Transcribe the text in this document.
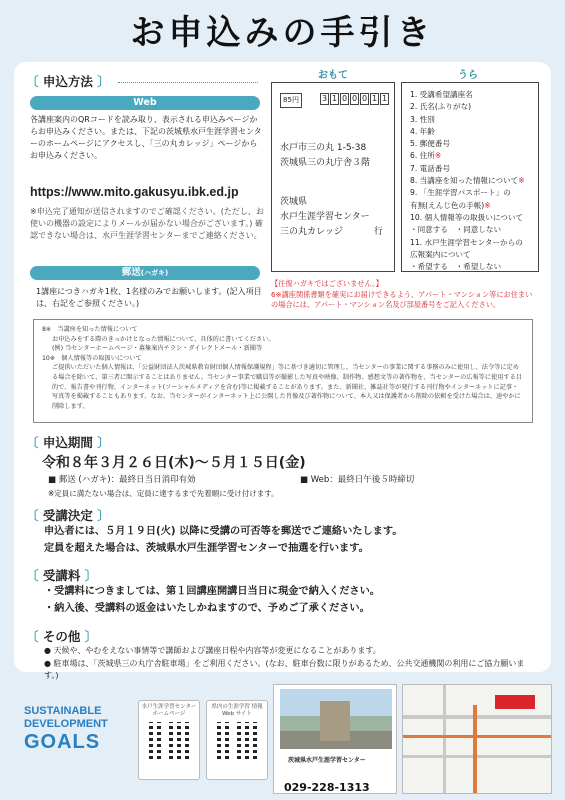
お申込みの手引き
〔 申込方法 〕
Web
各講座案内のQRコードを読み取り、表示される申込みページからお申込みください。または、下記の茨城県水戸生涯学習センターのホームページにアクセスし、「三の丸カレッジ」ページからお申込みください。
https://www.mito.gakusyu.ibk.ed.jp
※申込完了通知が送信されますのでご確認ください。(ただし、お使いの機器の設定によりメールが届かない場合がございます。) 確認できない場合は、水戸生涯学習センターまでご連絡ください。
郵送(ハガキ)
1講座につきハガキ1枚、1名様のみでお願いします。(記入項目は、右記をご参照ください。)
おもて	うら
85円	3 1 0 0 0 1 1
水戸市三の丸 1-5-38
茨城県三の丸庁舎３階
茨城県
水戸生涯学習センター
三の丸カレッジ	行
1. 受講希望講座名
2. 氏名(ふりがな)
3. 性別
4. 年齢
5. 郵便番号
6. 住所※
7. 電話番号
8. 当講座を知った情報について※
9. 「生涯学習パスポート」の
有無(えんじ色の手帳)※
10. 個人情報等の取扱いについて
・同意する　・同意しない
11. 水戸生涯学習センターからの
広報案内について
・希望する　・希望しない
【往復ハガキではございません。】
6※講座関係書類を確実にお届けできるよう、アパート・マンション等にお住まいの場合には、アパート・マンション名及び部屋番号をご記入ください。
8※　当講座を知った情報について
お申込みをする際のきっかけとなった情報について、具体的に書いてください。
(例) 当センターホームページ・募集案内チラシ・ダイレクトメール・新聞等
10※　個人情報等の取扱いについて
ご提供いただいた個人情報は、「公益財団法人茨城県教育財団個人情報保護規程」等に基づき適切に管理し、当センターの事業に関する事務のみに使用し、法令等に定める場合を除いて、第三者に開示することはありません。当センター事業で職員等が撮影した写真や映像、制作物、感想文等の著作物を、当センターの広報等に使用する目的で、報告書や刊行物、インターネット(ソーシャルメディアを含む)等に掲載することがあります。また、新聞社、雑誌社等が発行する刊行物やインターネットに記事・写真等を掲載することもあります。なお、当センターがインターネット上に公開した肖像及び著作物について、本人又は保護者から削除の依頼を受けた場合は、速やかに削除します。
〔 申込期間 〕
令和８年３月２６日(木)～５月１５日(金)
■ 郵送 (ハガキ)：最終日当日消印有効	■ Web：最終日午後５時締切
※定員に満たない場合は、定員に達するまで先着順に受け付けます。
〔 受講決定 〕
申込者には、５月１９日(火) 以降に受講の可否等を郵送でご連絡いたします。
定員を超えた場合は、茨城県水戸生涯学習センターで抽選を行います。
〔 受講料 〕
・受講料につきましては、第１回講座開講日当日に現金で納入ください。
・納入後、受講料の返金はいたしかねますので、予めご了承ください。
〔 その他 〕
● 天候や、やむをえない事情等で講師および講座日程や内容等が変更になることがあります。
● 駐車場は、「茨城県三の丸庁舎駐車場」をご利用ください。(なお、駐車台数に限りがあるため、公共交通機関の利用にご協力願います。)
SUSTAINABLE
DEVELOPMENT
GOALS
水戸生涯学習センター ホームページ
県内の生涯学習 情報 Web サイト
茨城県水戸生涯学習センター
029-228-1313
